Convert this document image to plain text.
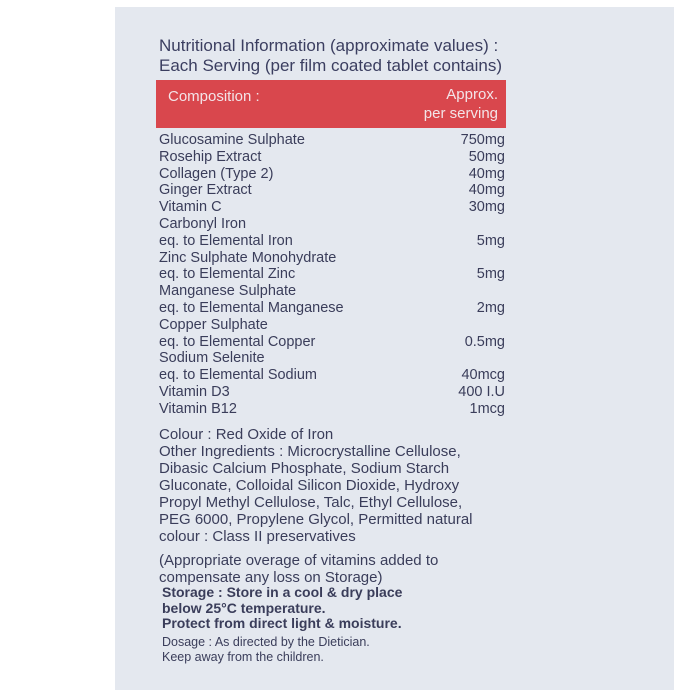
Nutritional Information (approximate values) :
Each Serving (per film coated tablet contains)
Composition :	Approx.
per serving
Glucosamine Sulphate	750mg
Rosehip Extract	50mg
Collagen (Type 2)	40mg
Ginger Extract	40mg
Vitamin C	30mg
Carbonyl Iron
eq. to Elemental Iron	5mg
Zinc Sulphate Monohydrate
eq. to Elemental Zinc	5mg
Manganese Sulphate
eq. to Elemental Manganese	2mg
Copper Sulphate
eq. to Elemental Copper	0.5mg
Sodium Selenite
eq. to Elemental Sodium	40mcg
Vitamin D3	400 I.U
Vitamin B12	1mcg
Colour : Red Oxide of Iron
Other Ingredients : Microcrystalline Cellulose,
Dibasic Calcium Phosphate, Sodium Starch
Gluconate, Colloidal Silicon Dioxide, Hydroxy
Propyl Methyl Cellulose, Talc, Ethyl Cellulose,
PEG 6000, Propylene Glycol, Permitted natural
colour : Class II preservatives
(Appropriate overage of vitamins added to
compensate any loss on Storage)
Storage : Store in a cool & dry place
below 25°C temperature.
Protect from direct light & moisture.
Dosage : As directed by the Dietician.
Keep away from the children.
